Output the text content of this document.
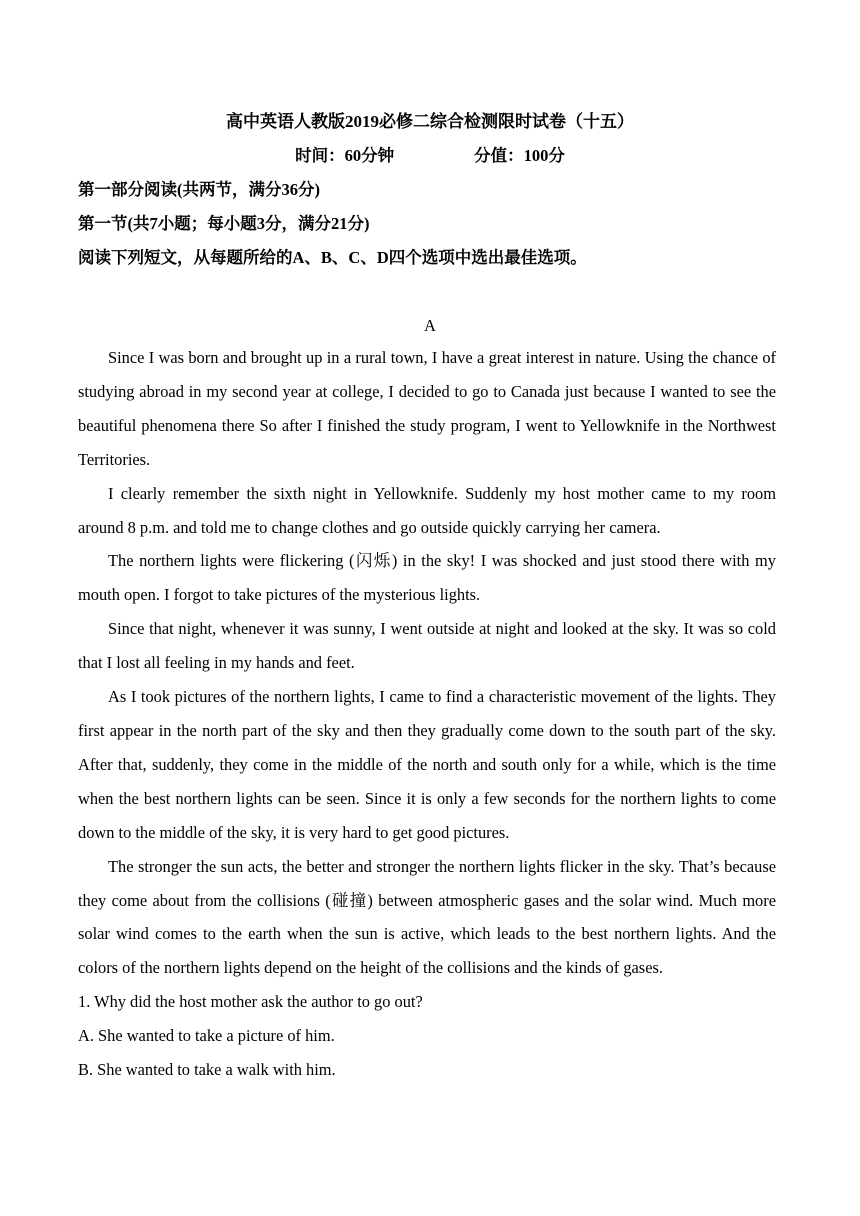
高中英语人教版2019必修二综合检测限时试卷（十五）
时间：60分钟	分值：100分
第一部分阅读(共两节，满分36分)
第一节(共7小题；每小题3分，满分21分)
阅读下列短文，从每题所给的A、B、C、D四个选项中选出最佳选项。
A

Since I was born and brought up in a rural town, I have a great interest in nature. Using the chance of studying abroad in my second year at college, I decided to go to Canada just because I wanted to see the beautiful phenomena there So after I finished the study program, I went to Yellowknife in the Northwest Territories.

I clearly remember the sixth night in Yellowknife. Suddenly my host mother came to my room around 8 p.m. and told me to change clothes and go outside quickly carrying her camera.

The northern lights were flickering (闪烁) in the sky! I was shocked and just stood there with my mouth open. I forgot to take pictures of the mysterious lights.

Since that night, whenever it was sunny, I went outside at night and looked at the sky. It was so cold that I lost all feeling in my hands and feet.

As I took pictures of the northern lights, I came to find a characteristic movement of the lights. They first appear in the north part of the sky and then they gradually come down to the south part of the sky. After that, suddenly, they come in the middle of the north and south only for a while, which is the time when the best northern lights can be seen. Since it is only a few seconds for the northern lights to come down to the middle of the sky, it is very hard to get good pictures.

The stronger the sun acts, the better and stronger the northern lights flicker in the sky. That’s because they come about from the collisions (碰撞) between atmospheric gases and the solar wind. Much more solar wind comes to the earth when the sun is active, which leads to the best northern lights. And the colors of the northern lights depend on the height of the collisions and the kinds of gases.

1. Why did the host mother ask the author to go out?

A. She wanted to take a picture of him.

B. She wanted to take a walk with him.
